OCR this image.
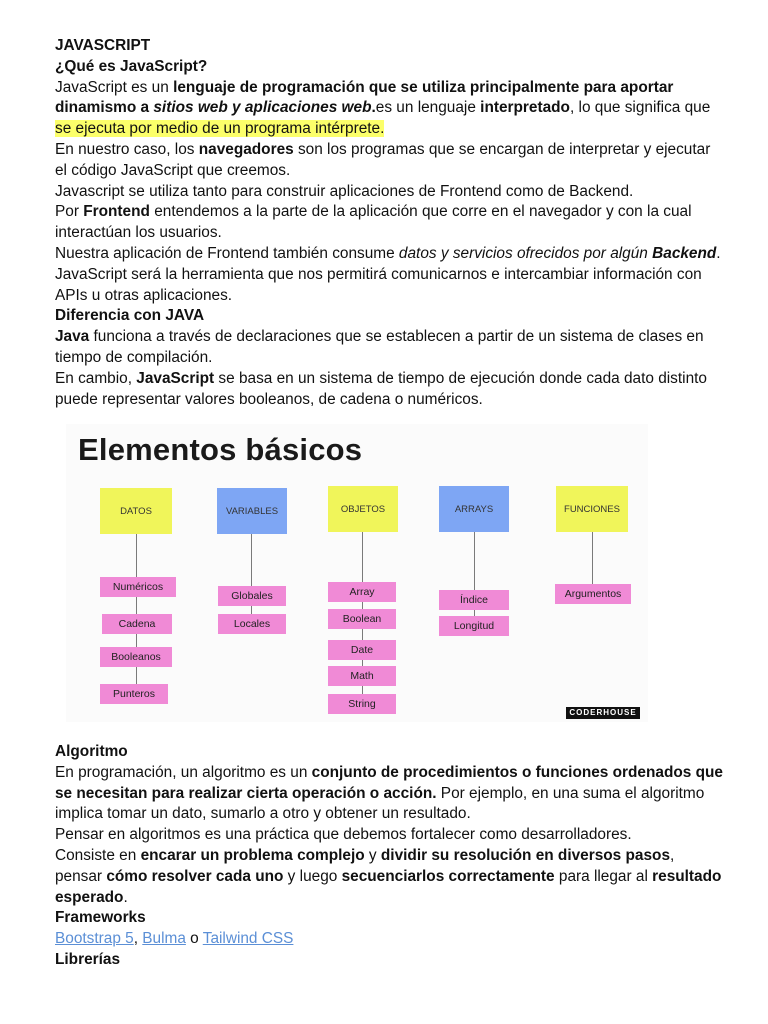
JAVASCRIPT

¿Qué es JavaScript?

JavaScript es un lenguaje de programación que se utiliza principalmente para aportar dinamismo a sitios web y aplicaciones web.es un lenguaje interpretado, lo que significa que se ejecuta por medio de un programa intérprete.

En nuestro caso, los navegadores son los programas que se encargan de interpretar y ejecutar el código JavaScript que creemos.

Javascript se utiliza tanto para construir aplicaciones de Frontend como de Backend.

Por Frontend entendemos a la parte de la aplicación que corre en el navegador y con la cual interactúan los usuarios.

Nuestra aplicación de Frontend también consume datos y servicios ofrecidos por algún Backend. JavaScript será la herramienta que nos permitirá comunicarnos e intercambiar información con APIs u otras aplicaciones.

Diferencia con JAVA

Java funciona a través de declaraciones que se establecen a partir de un sistema de clases en tiempo de compilación.

En cambio, JavaScript se basa en un sistema de tiempo de ejecución donde cada dato distinto puede representar valores booleanos, de cadena o numéricos.

Elementos básicos
CODERHOUSE
DATOS
Numéricos
Cadena
Booleanos
Punteros
VARIABLES
Globales
Locales
OBJETOS
Array
Boolean
Date
Math
String
ARRAYS
Índice
Longitud
FUNCIONES
Argumentos

Algoritmo

En programación, un algoritmo es un conjunto de procedimientos o funciones ordenados que se necesitan para realizar cierta operación o acción. Por ejemplo, en una suma el algoritmo implica tomar un dato, sumarlo a otro y obtener un resultado.

Pensar en algoritmos es una práctica que debemos fortalecer como desarrolladores.

Consiste en encarar un problema complejo y dividir su resolución en diversos pasos, pensar cómo resolver cada uno y luego secuenciarlos correctamente para llegar al resultado esperado.

Frameworks

Bootstrap 5, Bulma o Tailwind CSS

Librerías
